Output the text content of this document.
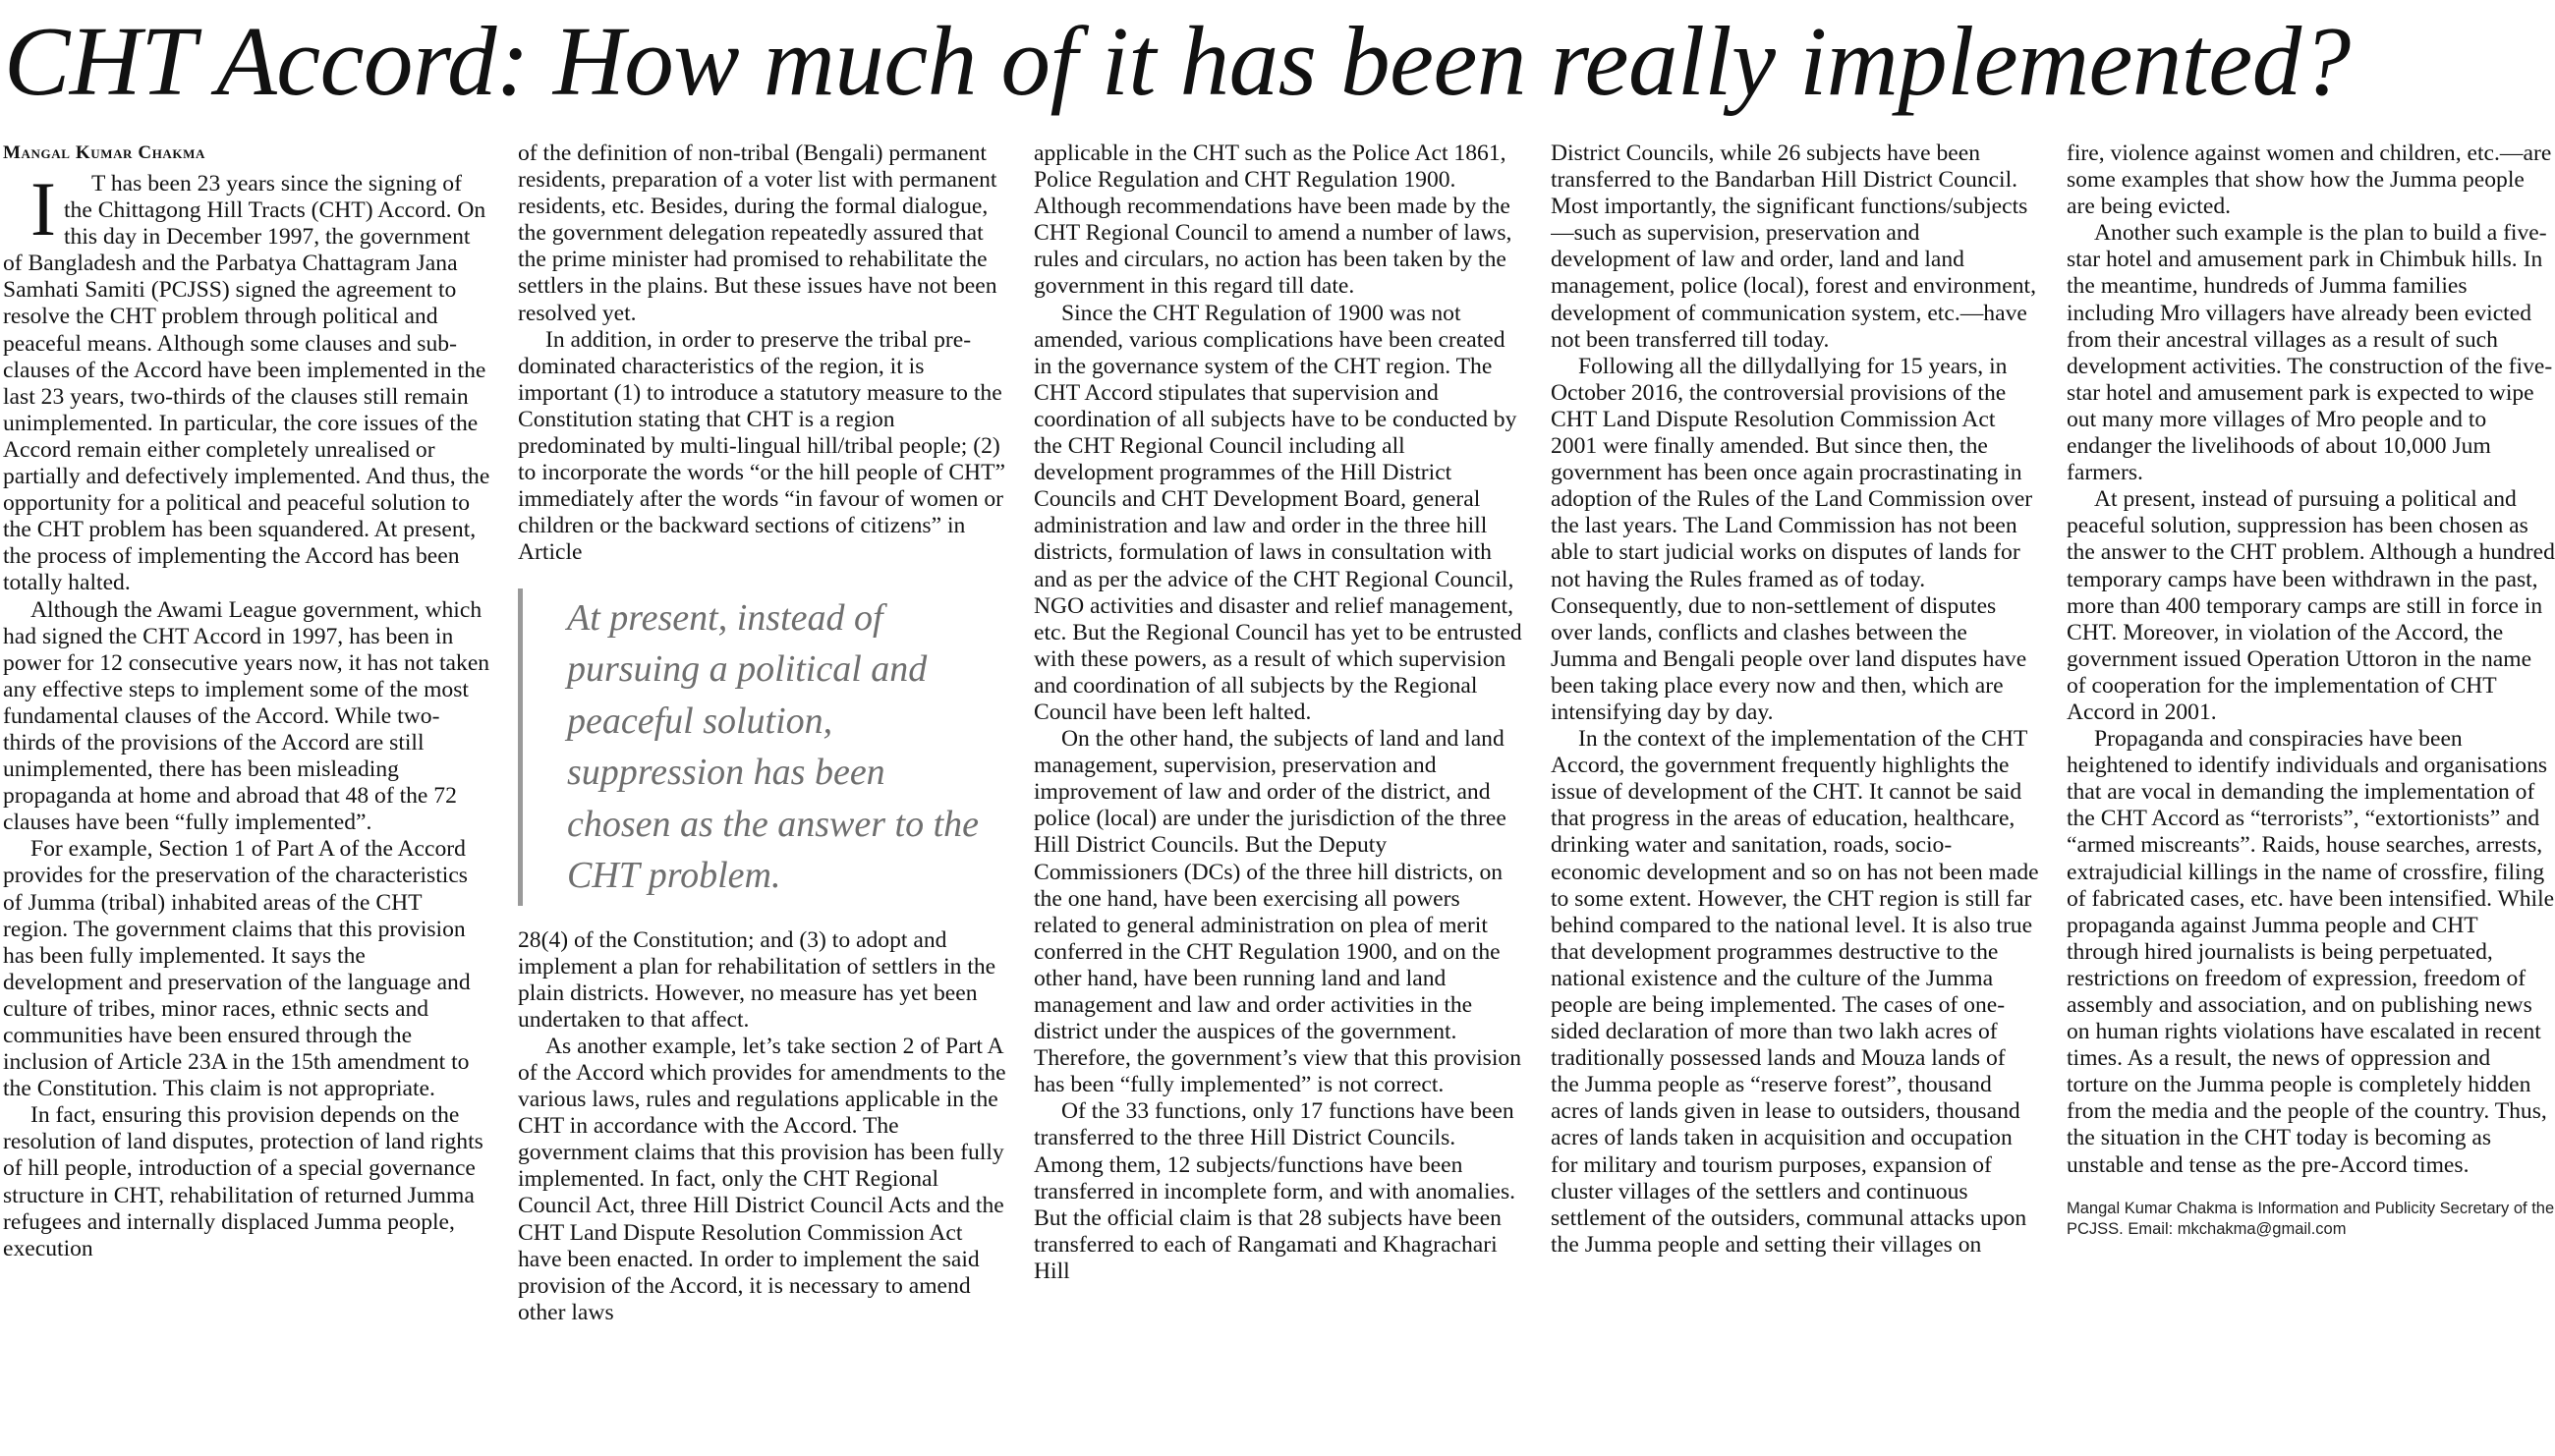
CHT Accord: How much of it has been really implemented?
Mangal Kumar Chakma

I	T has been 23 years since the signing of the Chittagong Hill Tracts (CHT) Accord. On this day in December 1997, the government of Bangladesh and the Parbatya Chattagram Jana Samhati Samiti (PCJSS) signed the agreement to resolve the CHT problem through political and peaceful means. Although some clauses and sub-clauses of the Accord have been implemented in the last 23 years, two-thirds of the clauses still remain unimplemented. In particular, the core issues of the Accord remain either completely unrealised or partially and defectively implemented. And thus, the opportunity for a political and peaceful solution to the CHT problem has been squandered. At present, the process of implementing the Accord has been totally halted.

Although the Awami League government, which had signed the CHT Accord in 1997, has been in power for 12 consecutive years now, it has not taken any effective steps to implement some of the most fundamental clauses of the Accord. While two-thirds of the provisions of the Accord are still unimplemented, there has been misleading propaganda at home and abroad that 48 of the 72 clauses have been “fully implemented”.

For example, Section 1 of Part A of the Accord provides for the preservation of the characteristics of Jumma (tribal) inhabited areas of the CHT region. The government claims that this provision has been fully implemented. It says the development and preservation of the language and culture of tribes, minor races, ethnic sects and communities have been ensured through the inclusion of Article 23A in the 15th amendment to the Constitution. This claim is not appropriate.

In fact, ensuring this provision depends on the resolution of land disputes, protection of land rights of hill people, introduction of a special governance structure in CHT, rehabilitation of returned Jumma refugees and internally displaced Jumma people, execution

of the definition of non-tribal (Bengali) permanent residents, preparation of a voter list with permanent residents, etc. Besides, during the formal dialogue, the government delegation repeatedly assured that the prime minister had promised to rehabilitate the settlers in the plains. But these issues have not been resolved yet.

In addition, in order to preserve the tribal pre-dominated characteristics of the region, it is important (1) to introduce a statutory measure to the Constitution stating that CHT is a region predominated by multi-lingual hill/tribal people; (2) to incorporate the words “or the hill people of CHT” immediately after the words “in favour of women or children or the backward sections of citizens” in Article

At present, instead of pursuing a political and peaceful solution, suppression has been chosen as the answer to the CHT problem.

28(4) of the Constitution; and (3) to adopt and implement a plan for rehabilitation of settlers in the plain districts. However, no measure has yet been undertaken to that affect.

As another example, let’s take section 2 of Part A of the Accord which provides for amendments to the various laws, rules and regulations applicable in the CHT in accordance with the Accord. The government claims that this provision has been fully implemented. In fact, only the CHT Regional Council Act, three Hill District Council Acts and the CHT Land Dispute Resolution Commission Act have been enacted. In order to implement the said provision of the Accord, it is necessary to amend other laws

applicable in the CHT such as the Police Act 1861, Police Regulation and CHT Regulation 1900. Although recommendations have been made by the CHT Regional Council to amend a number of laws, rules and circulars, no action has been taken by the government in this regard till date.

Since the CHT Regulation of 1900 was not amended, various complications have been created in the governance system of the CHT region. The CHT Accord stipulates that supervision and coordination of all subjects have to be conducted by the CHT Regional Council including all development programmes of the Hill District Councils and CHT Development Board, general administration and law and order in the three hill districts, formulation of laws in consultation with and as per the advice of the CHT Regional Council, NGO activities and disaster and relief management, etc. But the Regional Council has yet to be entrusted with these powers, as a result of which supervision and coordination of all subjects by the Regional Council have been left halted.

On the other hand, the subjects of land and land management, supervision, preservation and improvement of law and order of the district, and police (local) are under the jurisdiction of the three Hill District Councils. But the Deputy Commissioners (DCs) of the three hill districts, on the one hand, have been exercising all powers related to general administration on plea of merit conferred in the CHT Regulation 1900, and on the other hand, have been running land and land management and law and order activities in the district under the auspices of the government. Therefore, the government’s view that this provision has been “fully implemented” is not correct.

Of the 33 functions, only 17 functions have been transferred to the three Hill District Councils. Among them, 12 subjects/functions have been transferred in incomplete form, and with anomalies. But the official claim is that 28 subjects have been transferred to each of Rangamati and Khagrachari Hill

District Councils, while 26 subjects have been transferred to the Bandarban Hill District Council. Most importantly, the significant functions/subjects—such as supervision, preservation and development of law and order, land and land management, police (local), forest and environment, development of communication system, etc.—have not been transferred till today.

Following all the dillydallying for 15 years, in October 2016, the controversial provisions of the CHT Land Dispute Resolution Commission Act 2001 were finally amended. But since then, the government has been once again procrastinating in adoption of the Rules of the Land Commission over the last years. The Land Commission has not been able to start judicial works on disputes of lands for not having the Rules framed as of today. Consequently, due to non-settlement of disputes over lands, conflicts and clashes between the Jumma and Bengali people over land disputes have been taking place every now and then, which are intensifying day by day.

In the context of the implementation of the CHT Accord, the government frequently highlights the issue of development of the CHT. It cannot be said that progress in the areas of education, healthcare, drinking water and sanitation, roads, socio-economic development and so on has not been made to some extent. However, the CHT region is still far behind compared to the national level. It is also true that development programmes destructive to the national existence and the culture of the Jumma people are being implemented. The cases of one-sided declaration of more than two lakh acres of traditionally possessed lands and Mouza lands of the Jumma people as “reserve forest”, thousand acres of lands given in lease to outsiders, thousand acres of lands taken in acquisition and occupation for military and tourism purposes, expansion of cluster villages of the settlers and continuous settlement of the outsiders, communal attacks upon the Jumma people and setting their villages on

fire, violence against women and children, etc.—are some examples that show how the Jumma people are being evicted.

Another such example is the plan to build a five-star hotel and amusement park in Chimbuk hills. In the meantime, hundreds of Jumma families including Mro villagers have already been evicted from their ancestral villages as a result of such development activities. The construction of the five-star hotel and amusement park is expected to wipe out many more villages of Mro people and to endanger the livelihoods of about 10,000 Jum farmers.

At present, instead of pursuing a political and peaceful solution, suppression has been chosen as the answer to the CHT problem. Although a hundred temporary camps have been withdrawn in the past, more than 400 temporary camps are still in force in CHT. Moreover, in violation of the Accord, the government issued Operation Uttoron in the name of cooperation for the implementation of CHT Accord in 2001.

Propaganda and conspiracies have been heightened to identify individuals and organisations that are vocal in demanding the implementation of the CHT Accord as “terrorists”, “extortionists” and “armed miscreants”. Raids, house searches, arrests, extrajudicial killings in the name of crossfire, filing of fabricated cases, etc. have been intensified. While propaganda against Jumma people and CHT through hired journalists is being perpetuated, restrictions on freedom of expression, freedom of assembly and association, and on publishing news on human rights violations have escalated in recent times. As a result, the news of oppression and torture on the Jumma people is completely hidden from the media and the people of the country. Thus, the situation in the CHT today is becoming as unstable and tense as the pre-Accord times.

Mangal Kumar Chakma is Information and Publicity Secretary of the PCJSS. Email: mkchakma@gmail.com
